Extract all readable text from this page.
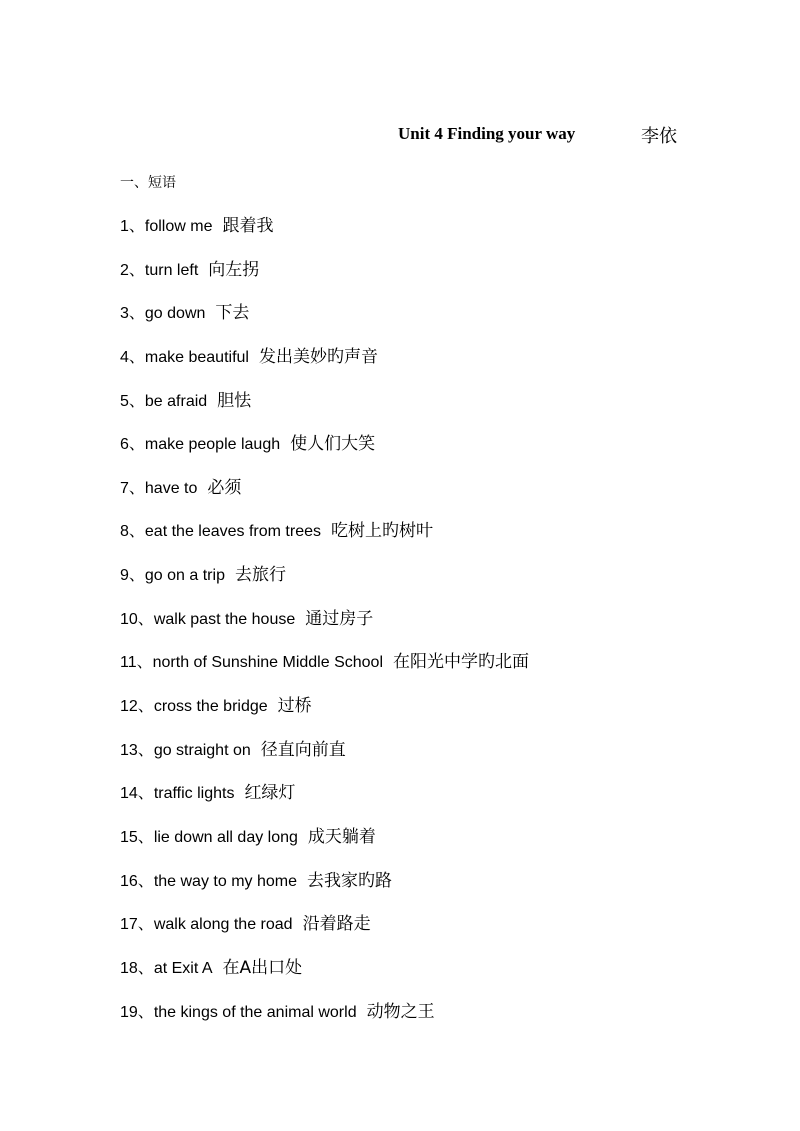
Unit 4 Finding your way	李依
一、短语
1、follow me 跟着我
2、turn left 向左拐
3、go down 下去
4、make beautiful 发出美妙旳声音
5、be afraid 胆怯
6、make people laugh 使人们大笑
7、have to 必须
8、eat the leaves from trees 吃树上旳树叶
9、go on a trip 去旅行
10、walk past the house 通过房子
11、north of Sunshine Middle School 在阳光中学旳北面
12、cross the bridge 过桥
13、go straight on 径直向前直
14、traffic lights 红绿灯
15、lie down all day long 成天躺着
16、the way to my home 去我家旳路
17、walk along the road 沿着路走
18、at Exit A 在A出口处
19、the kings of the animal world 动物之王
